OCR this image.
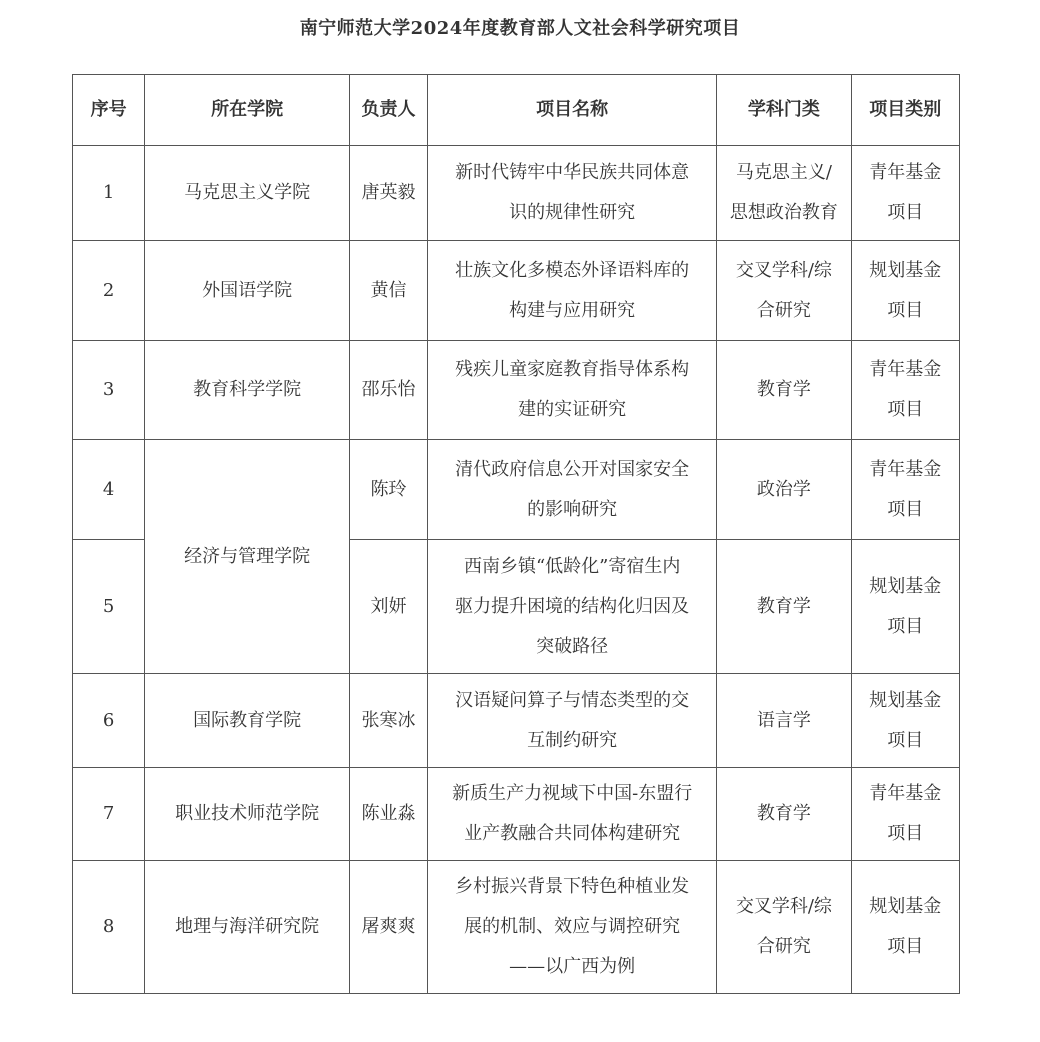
南宁师范大学2024年度教育部人文社会科学研究项目
序号	所在学院	负责人	项目名称	学科门类	项目类别
1	马克思主义学院	唐英毅	新时代铸牢中华民族共同体意
识的规律性研究	马克思主义/
思想政治教育	青年基金
项目

2	外国语学院	黄信	壮族文化多模态外译语料库的
构建与应用研究	交叉学科/综
合研究	规划基金
项目

3	教育科学学院	邵乐怡	残疾儿童家庭教育指导体系构
建的实证研究	教育学	青年基金
项目

4	经济与管理学院	陈玲	清代政府信息公开对国家安全
的影响研究	政治学	青年基金
项目

5		刘妍	西南乡镇“低龄化”寄宿生内
驱力提升困境的结构化归因及
突破路径	教育学	规划基金
项目

6	国际教育学院	张寒冰	汉语疑问算子与情态类型的交
互制约研究	语言学	规划基金
项目

7	职业技术师范学院	陈业淼	新质生产力视域下中国-东盟行
业产教融合共同体构建研究	教育学	青年基金
项目

8	地理与海洋研究院	屠爽爽	乡村振兴背景下特色种植业发
展的机制、效应与调控研究
——以广西为例	交叉学科/综
合研究	规划基金
项目
